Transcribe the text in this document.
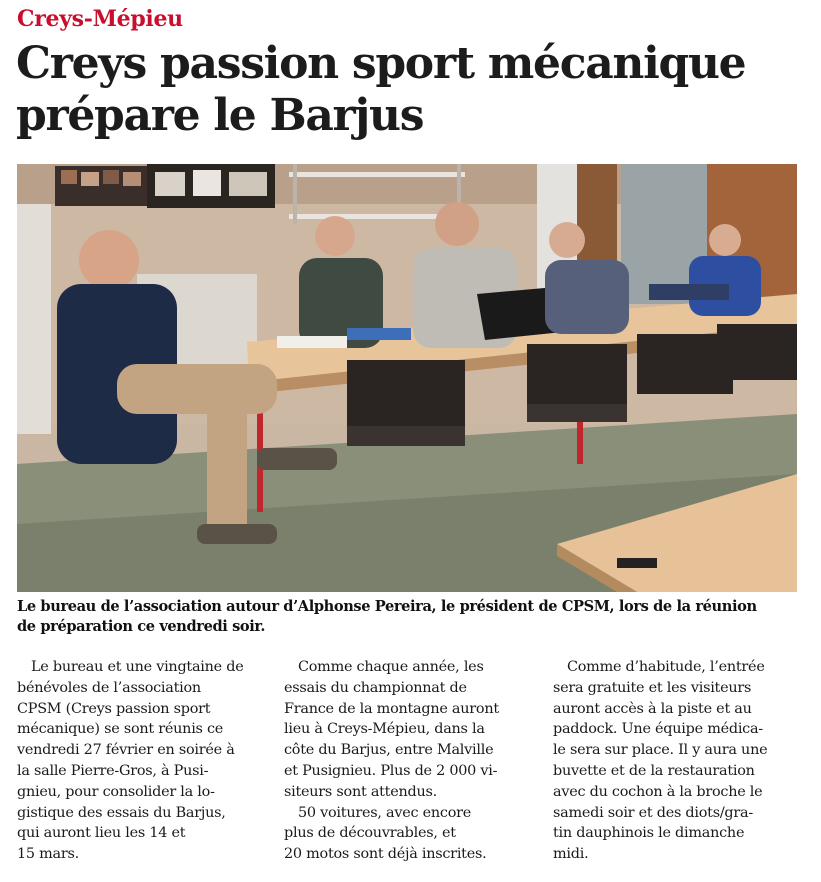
Creys-Mépieu
Creys passion sport mécanique
prépare le Barjus

Le bureau de l’association autour d’Alphonse Pereira, le président de CPSM, lors de la réunion
de préparation ce vendredi soir.

Le bureau et une vingtaine de
bénévoles de l’association
CPSM (Creys passion sport
mécanique) se sont réunis ce
vendredi 27 février en soirée à
la salle Pierre-Gros, à Pusi-
gnieu, pour consolider la lo-
gistique des essais du Barjus,
qui auront lieu les 14 et
15 mars.

Comme chaque année, les
essais du championnat de
France de la montagne auront
lieu à Creys-Mépieu, dans la
côte du Barjus, entre Malville
et Pusignieu. Plus de 2 000 vi-
siteurs sont attendus.

50 voitures, avec encore
plus de découvrables, et
20 motos sont déjà inscrites.

Comme d’habitude, l’entrée
sera gratuite et les visiteurs
auront accès à la piste et au
paddock. Une équipe médica-
le sera sur place. Il y aura une
buvette et de la restauration
avec du cochon à la broche le
samedi soir et des diots/gra-
tin dauphinois le dimanche
midi.
